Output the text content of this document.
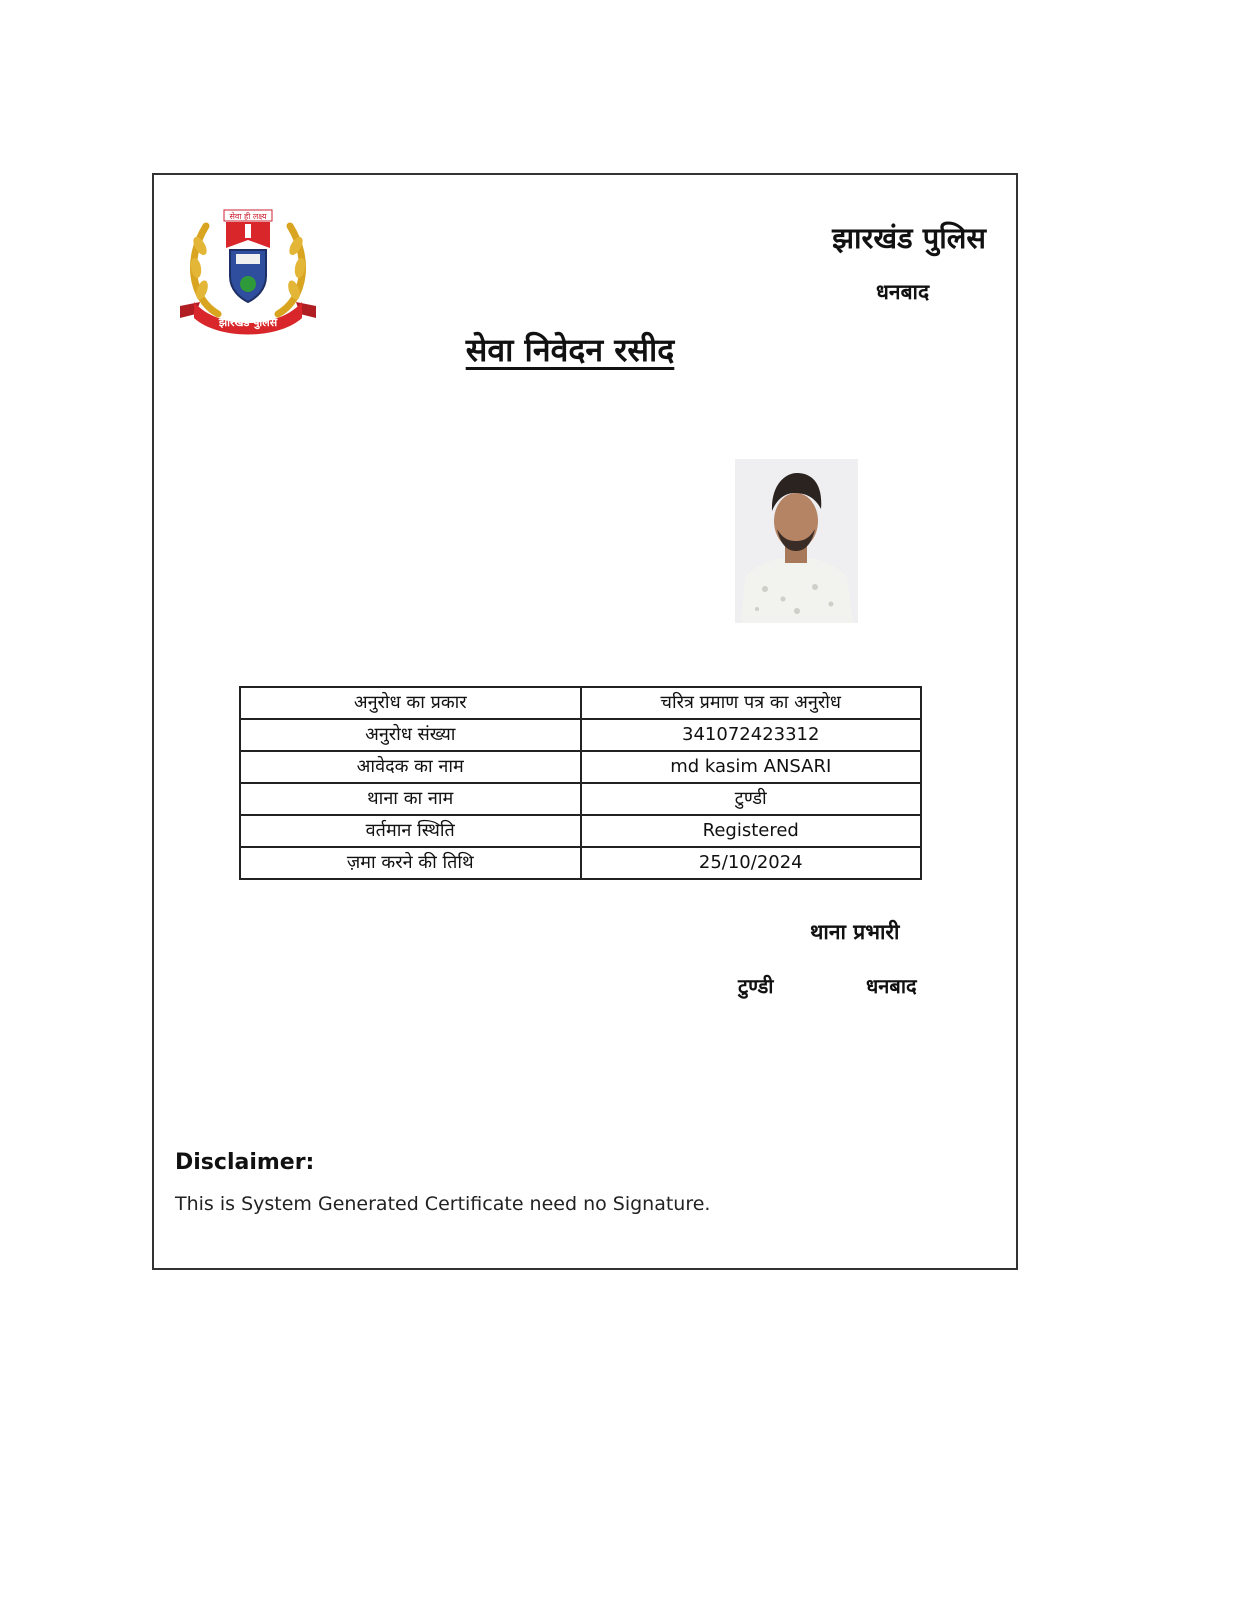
सेवा ही लक्ष्य
झारखंड पुलिस
झारखंड पुलिस
धनबाद
सेवा निवेदन रसीद
अनुरोध का प्रकार	चरित्र प्रमाण पत्र का अनुरोध
अनुरोध संख्या	341072423312
आवेदक का नाम	md kasim ANSARI
थाना का नाम	टुण्डी
वर्तमान स्थिति	Registered
ज़मा करने की तिथि	25/10/2024
थाना प्रभारी
टुण्डी	धनबाद
Disclaimer:
This is System Generated Certificate need no Signature.
